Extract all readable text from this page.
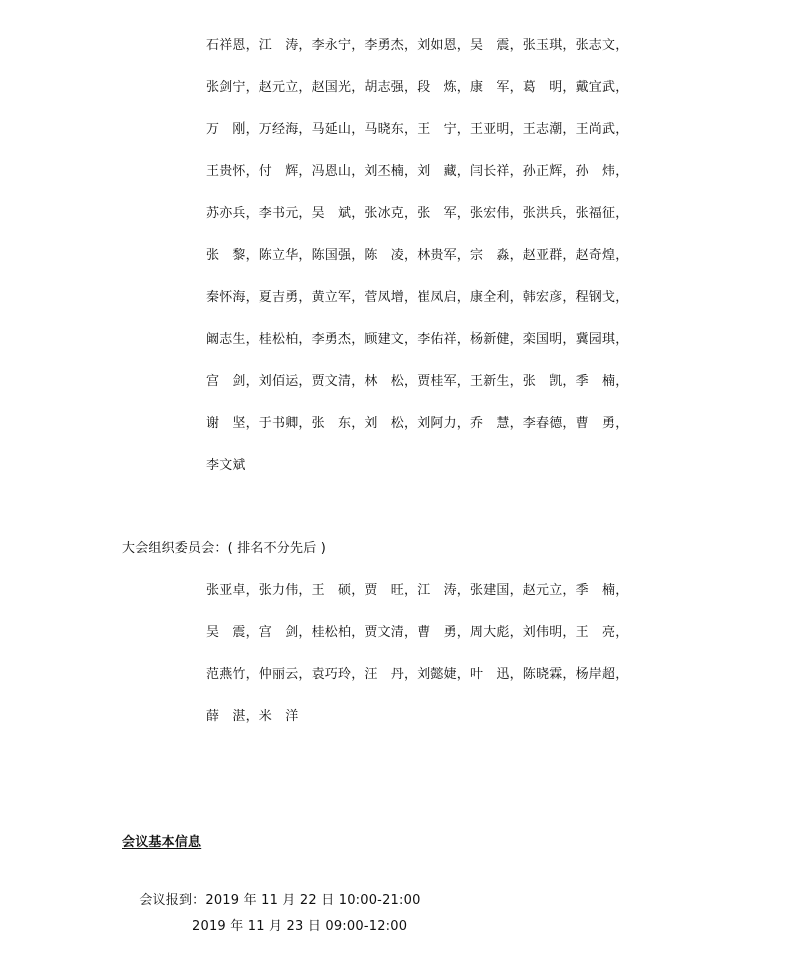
石祥恩，江　涛，李永宁，李勇杰，刘如恩，吴　震，张玉琪，张志文，
张剑宁，赵元立，赵国光，胡志强，段　炼，康　军，葛　明，戴宜武，
万　刚，万经海，马延山，马晓东，王　宁，王亚明，王志潮，王尚武，
王贵怀，付　辉，冯恩山，刘丕楠，刘　藏，闫长祥，孙正辉，孙　炜，
苏亦兵，李书元，吴　斌，张冰克，张　军，张宏伟，张洪兵，张福征，
张　黎，陈立华，陈国强，陈　凌，林贵军，宗　淼，赵亚群，赵奇煌，
秦怀海，夏吉勇，黄立军，菅凤增，崔凤启，康全利，韩宏彦，程钢戈，
阚志生，桂松柏，李勇杰，顾建文，李佑祥，杨新健，栾国明，冀园琪，
宫　剑，刘佰运，贾文清，林　松，贾桂军，王新生，张　凯，季　楠，
谢　坚，于书卿，张　东，刘　松，刘阿力，乔　慧，李春德，曹　勇，
李文斌
大会组织委员会：( 排名不分先后 )
张亚卓，张力伟，王　硕，贾　旺，江　涛，张建国，赵元立，季　楠，
吴　震，宫　剑，桂松柏，贾文清，曹　勇，周大彪，刘伟明，王　亮，
范燕竹，仲丽云，袁巧玲，汪　丹，刘懿婕，叶　迅，陈晓霖，杨岸超，
薛　湛，米　洋
会议基本信息

会议报到：2019 年 11 月 22 日 10:00-21:00

2019 年 11 月 23 日 09:00-12:00
